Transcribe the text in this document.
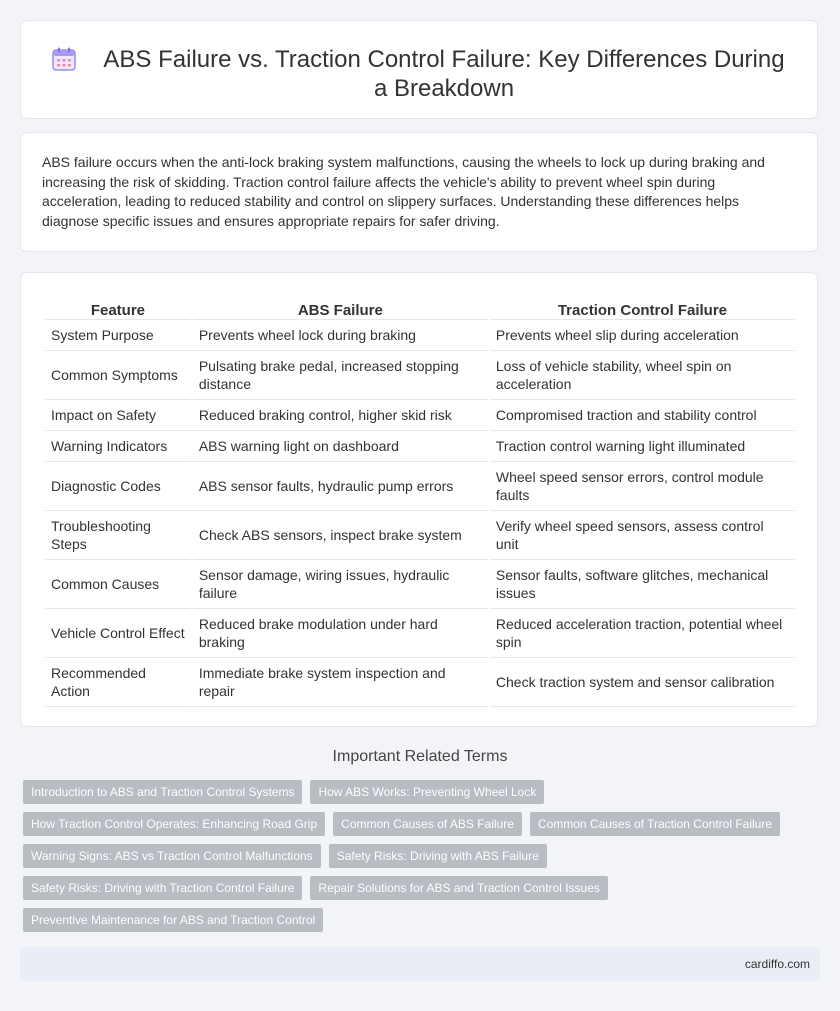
ABS Failure vs. Traction Control Failure: Key Differences During a Breakdown

ABS failure occurs when the anti-lock braking system malfunctions, causing the wheels to lock up during braking and increasing the risk of skidding. Traction control failure affects the vehicle's ability to prevent wheel spin during acceleration, leading to reduced stability and control on slippery surfaces. Understanding these differences helps diagnose specific issues and ensures appropriate repairs for safer driving.

Feature	ABS Failure	Traction Control Failure
System Purpose	Prevents wheel lock during braking	Prevents wheel slip during acceleration
Common Symptoms	Pulsating brake pedal, increased stopping distance	Loss of vehicle stability, wheel spin on acceleration
Impact on Safety	Reduced braking control, higher skid risk	Compromised traction and stability control
Warning Indicators	ABS warning light on dashboard	Traction control warning light illuminated
Diagnostic Codes	ABS sensor faults, hydraulic pump errors	Wheel speed sensor errors, control module faults
Troubleshooting Steps	Check ABS sensors, inspect brake system	Verify wheel speed sensors, assess control unit
Common Causes	Sensor damage, wiring issues, hydraulic failure	Sensor faults, software glitches, mechanical issues
Vehicle Control Effect	Reduced brake modulation under hard braking	Reduced acceleration traction, potential wheel spin
Recommended Action	Immediate brake system inspection and repair	Check traction system and sensor calibration
Important Related Terms
Introduction to ABS and Traction Control Systems	How ABS Works: Preventing Wheel Lock
How Traction Control Operates: Enhancing Road Grip	Common Causes of ABS Failure	Common Causes of Traction Control Failure
Warning Signs: ABS vs Traction Control Malfunctions	Safety Risks: Driving with ABS Failure
Safety Risks: Driving with Traction Control Failure	Repair Solutions for ABS and Traction Control Issues
Preventive Maintenance for ABS and Traction Control
cardiffo.com
